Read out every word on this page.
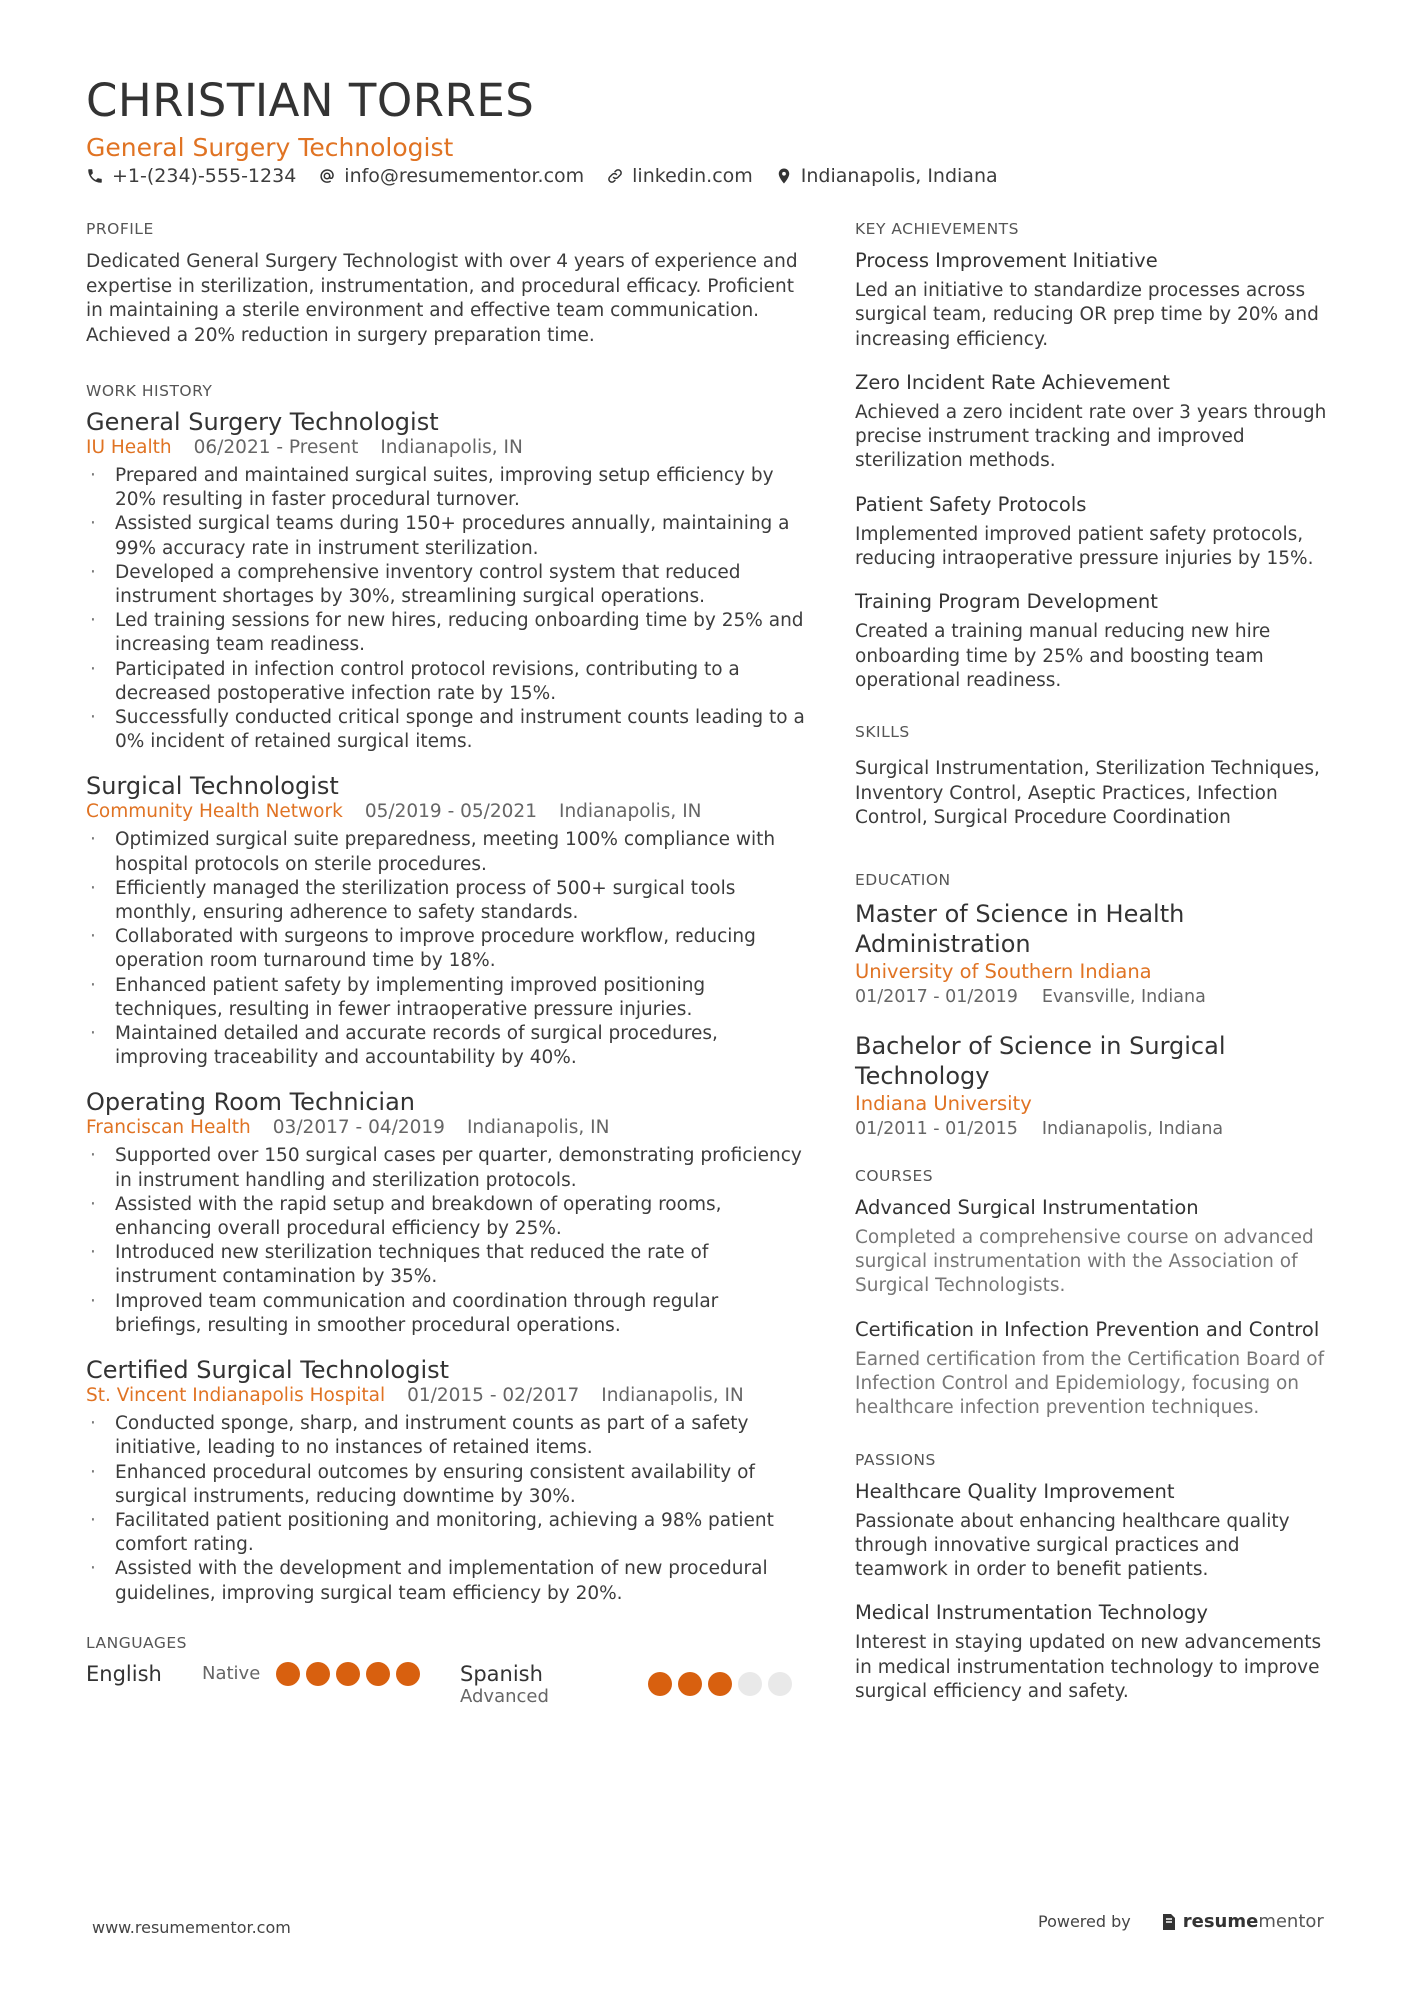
CHRISTIAN TORRES
General Surgery Technologist
+1-(234)-555-1234	info@resumementor.com	linkedin.com	Indianapolis, Indiana
PROFILE

Dedicated General Surgery Technologist with over 4 years of experience and expertise in sterilization, instrumentation, and procedural efficacy. Proficient in maintaining a sterile environment and effective team communication. Achieved a 20% reduction in surgery preparation time.

WORK HISTORY
General Surgery Technologist
IU Health 06/2021 - Present Indianapolis, IN
· Prepared and maintained surgical suites, improving setup efficiency by 20% resulting in faster procedural turnover.
· Assisted surgical teams during 150+ procedures annually, maintaining a 99% accuracy rate in instrument sterilization.
· Developed a comprehensive inventory control system that reduced instrument shortages by 30%, streamlining surgical operations.
· Led training sessions for new hires, reducing onboarding time by 25% and increasing team readiness.
· Participated in infection control protocol revisions, contributing to a decreased postoperative infection rate by 15%.
· Successfully conducted critical sponge and instrument counts leading to a 0% incident of retained surgical items.
Surgical Technologist
Community Health Network 05/2019 - 05/2021 Indianapolis, IN
· Optimized surgical suite preparedness, meeting 100% compliance with hospital protocols on sterile procedures.
· Efficiently managed the sterilization process of 500+ surgical tools monthly, ensuring adherence to safety standards.
· Collaborated with surgeons to improve procedure workflow, reducing operation room turnaround time by 18%.
· Enhanced patient safety by implementing improved positioning techniques, resulting in fewer intraoperative pressure injuries.
· Maintained detailed and accurate records of surgical procedures, improving traceability and accountability by 40%.
Operating Room Technician
Franciscan Health 03/2017 - 04/2019 Indianapolis, IN
· Supported over 150 surgical cases per quarter, demonstrating proficiency in instrument handling and sterilization protocols.
· Assisted with the rapid setup and breakdown of operating rooms, enhancing overall procedural efficiency by 25%.
· Introduced new sterilization techniques that reduced the rate of instrument contamination by 35%.
· Improved team communication and coordination through regular briefings, resulting in smoother procedural operations.
Certified Surgical Technologist
St. Vincent Indianapolis Hospital 01/2015 - 02/2017 Indianapolis, IN
· Conducted sponge, sharp, and instrument counts as part of a safety initiative, leading to no instances of retained items.
· Enhanced procedural outcomes by ensuring consistent availability of surgical instruments, reducing downtime by 30%.
· Facilitated patient positioning and monitoring, achieving a 98% patient comfort rating.
· Assisted with the development and implementation of new procedural guidelines, improving surgical team efficiency by 20%.
LANGUAGES
English	Native	Spanish
Advanced
KEY ACHIEVEMENTS
Process Improvement Initiative

Led an initiative to standardize processes across surgical team, reducing OR prep time by 20% and increasing efficiency.

Zero Incident Rate Achievement

Achieved a zero incident rate over 3 years through precise instrument tracking and improved sterilization methods.

Patient Safety Protocols

Implemented improved patient safety protocols, reducing intraoperative pressure injuries by 15%.

Training Program Development

Created a training manual reducing new hire onboarding time by 25% and boosting team operational readiness.

SKILLS

Surgical Instrumentation, Sterilization Techniques, Inventory Control, Aseptic Practices, Infection Control, Surgical Procedure Coordination

EDUCATION
Master of Science in Health Administration
University of Southern Indiana
01/2017 - 01/2019 Evansville, Indiana
Bachelor of Science in Surgical Technology
Indiana University
01/2011 - 01/2015 Indianapolis, Indiana
COURSES
Advanced Surgical Instrumentation

Completed a comprehensive course on advanced surgical instrumentation with the Association of Surgical Technologists.

Certification in Infection Prevention and Control

Earned certification from the Certification Board of Infection Control and Epidemiology, focusing on healthcare infection prevention techniques.

PASSIONS
Healthcare Quality Improvement

Passionate about enhancing healthcare quality through innovative surgical practices and teamwork in order to benefit patients.

Medical Instrumentation Technology

Interest in staying updated on new advancements in medical instrumentation technology to improve surgical efficiency and safety.

www.resumementor.com	Powered by	resume mentor
